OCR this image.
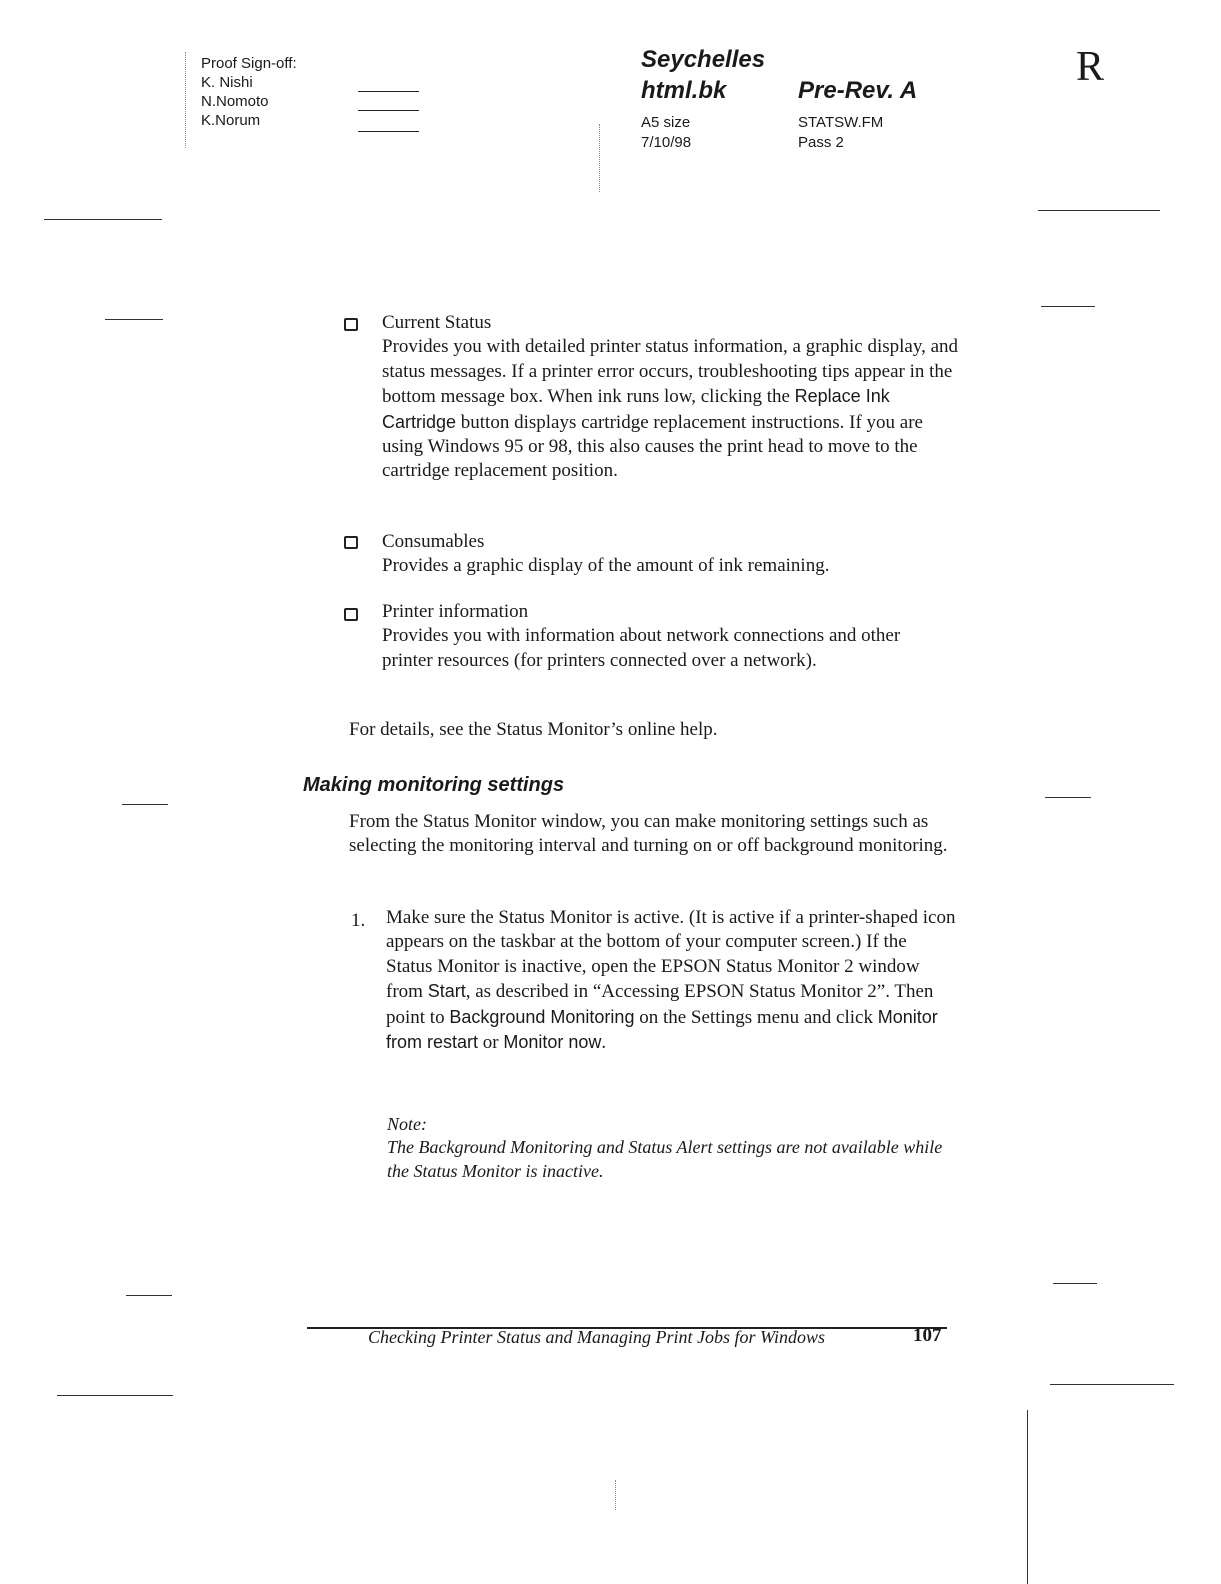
Proof Sign-off:
K. Nishi
N.Nomoto
K.Norum
Seychelles
html.bk	Pre-Rev. A
A5 size
7/10/98
STATSW.FM
Pass 2
R
Current Status
Provides you with detailed printer status information, a graphic display, and status messages. If a printer error occurs, troubleshooting tips appear in the bottom message box. When ink runs low, clicking the Replace Ink Cartridge button displays cartridge replacement instructions. If you are using Windows 95 or 98, this also causes the print head to move to the cartridge replacement position.
Consumables
Provides a graphic display of the amount of ink remaining.
Printer information
Provides you with information about network connections and other printer resources (for printers connected over a network).
For details, see the Status Monitor’s online help.
Making monitoring settings
From the Status Monitor window, you can make monitoring settings such as selecting the monitoring interval and turning on or off background monitoring.
1. Make sure the Status Monitor is active. (It is active if a printer-shaped icon appears on the taskbar at the bottom of your computer screen.) If the Status Monitor is inactive, open the EPSON Status Monitor 2 window from Start, as described in “Accessing EPSON Status Monitor 2”. Then point to Background Monitoring on the Settings menu and click Monitor from restart or Monitor now.
Note:
The Background Monitoring and Status Alert settings are not available while the Status Monitor is inactive.
Checking Printer Status and Managing Print Jobs for Windows	107
